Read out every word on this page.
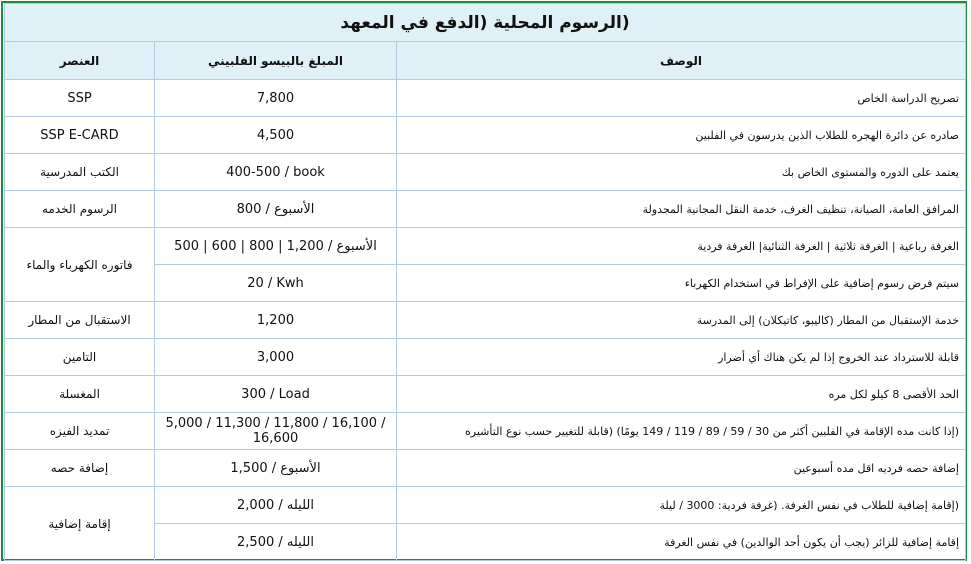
(الرسوم المحلية (الدفع في المعهد		
العنصر	المبلغ بالبيسو الفلبيني	الوصف
SSP	7,800	تصريح الدراسة الخاص
SSP E-CARD	4,500	صادره عن دائرة الهجره للطلاب الذين يدرسون في الفلبين
الكتب المدرسية	400-500 / book	يعتمد على الدوره والمستوى الخاص بك
الرسوم الخدمه	الأسبوع / 800	المرافق العامة، الصيانة، تنظيف الغرف، خدمة النقل المجانية المجدولة
فاتوره الكهرباء والماء	الأسبوع / 1,200 | 800 | 600 | 500	الغرفة رباعية | الغرفة ثلاثية | الغرفة الثنائية| الغرفة فردية
	20 / Kwh	سيتم فرض رسوم إضافية على الإفراط في استخدام الكهرباء
الاستقبال من المطار	1,200	خدمة الإستقبال من المطار (كاليبو، كاتيكلان) إلى المدرسة
التامين	3,000	قابلة للاسترداد عند الخروج إذا لم يكن هناك أي أضرار
المغسلة	300 / Load	الحد الأقصى 8 كيلو لكل مره
تمديد الفيزه	5,000 / 11,300 / 11,800 / 16,100 / 16,600	(إذا كانت مده الإقامة في الفلبين أكثر من 30 / 59 / 89 / 119 / 149 يومًا) (قابلة للتغيير حسب نوع التأشيره
إضافة حصه	الأسبوع / 1,500	إضافة حصه فرديه اقل مده أسبوعين
إقامة إضافية	الليله / 2,000	(إقامة إضافية للطلاب في نفس الغرفة. (غرفة فردية: 3000 / ليلة
	الليله / 2,500	إقامة إضافية للزائر (يجب أن يكون أحد الوالدين) في نفس الغرفة
